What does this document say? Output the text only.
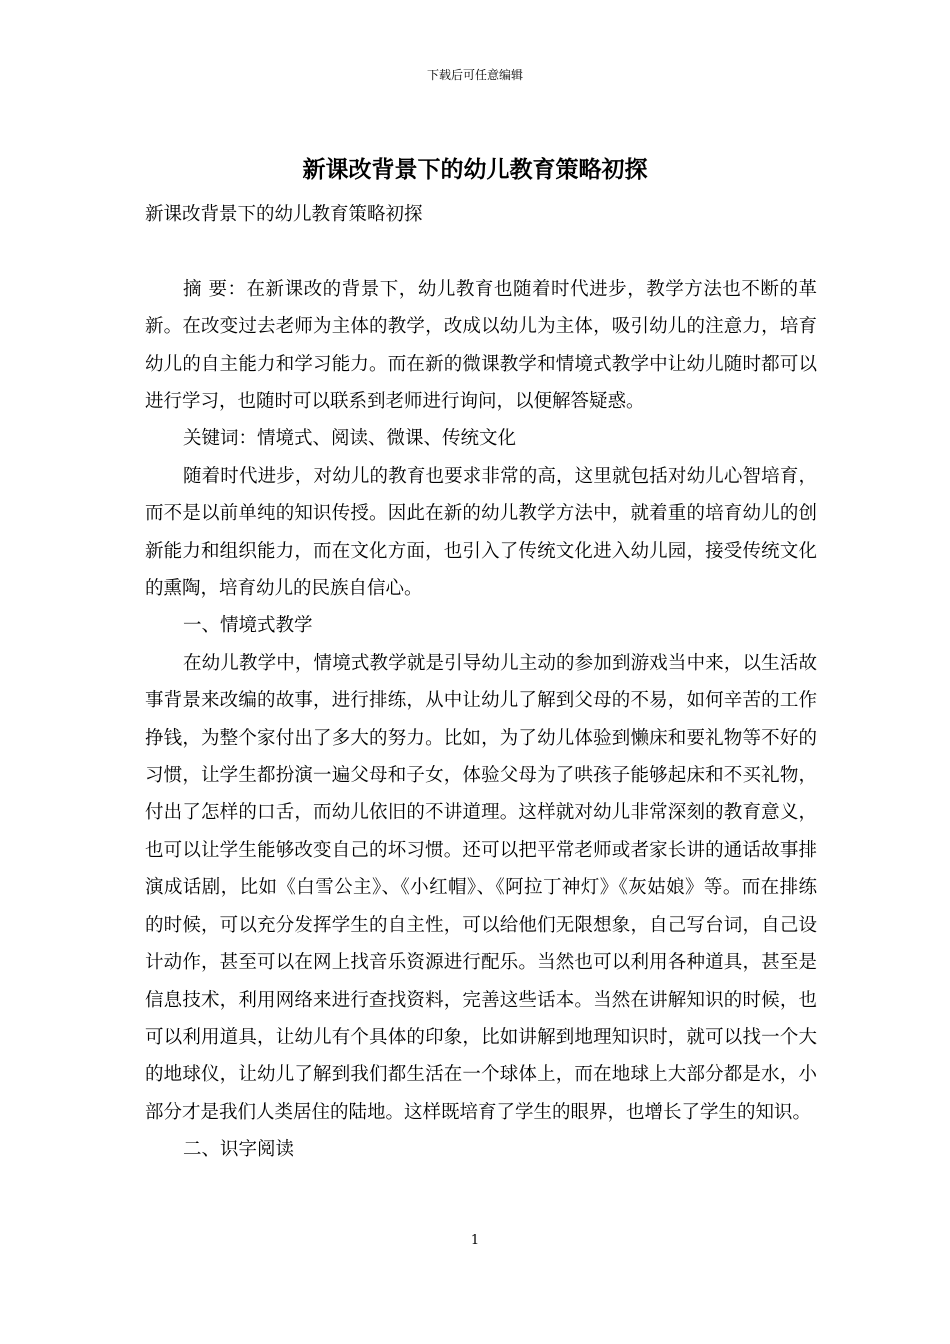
下载后可任意编辑
新课改背景下的幼儿教育策略初探

新课改背景下的幼儿教育策略初探

摘 要：在新课改的背景下，幼儿教育也随着时代进步，教学方法也不断的革新。在改变过去老师为主体的教学，改成以幼儿为主体，吸引幼儿的注意力，培育幼儿的自主能力和学习能力。而在新的微课教学和情境式教学中让幼儿随时都可以进行学习，也随时可以联系到老师进行询问，以便解答疑惑。

关键词：情境式、阅读、微课、传统文化

随着时代进步，对幼儿的教育也要求非常的高，这里就包括对幼儿心智培育，而不是以前单纯的知识传授。因此在新的幼儿教学方法中，就着重的培育幼儿的创新能力和组织能力，而在文化方面，也引入了传统文化进入幼儿园，接受传统文化的熏陶，培育幼儿的民族自信心。

一、情境式教学

在幼儿教学中，情境式教学就是引导幼儿主动的参加到游戏当中来，以生活故事背景来改编的故事，进行排练，从中让幼儿了解到父母的不易，如何辛苦的工作挣钱，为整个家付出了多大的努力。比如，为了幼儿体验到懒床和要礼物等不好的习惯，让学生都扮演一遍父母和子女，体验父母为了哄孩子能够起床和不买礼物，付出了怎样的口舌，而幼儿依旧的不讲道理。这样就对幼儿非常深刻的教育意义，也可以让学生能够改变自己的坏习惯。还可以把平常老师或者家长讲的通话故事排演成话剧，比如《白雪公主》、《小红帽》、《阿拉丁神灯》《灰姑娘》等。而在排练的时候，可以充分发挥学生的自主性，可以给他们无限想象，自己写台词，自己设计动作，甚至可以在网上找音乐资源进行配乐。当然也可以利用各种道具，甚至是信息技术，利用网络来进行查找资料，完善这些话本。当然在讲解知识的时候，也可以利用道具，让幼儿有个具体的印象，比如讲解到地理知识时，就可以找一个大的地球仪，让幼儿了解到我们都生活在一个球体上，而在地球上大部分都是水，小部分才是我们人类居住的陆地。这样既培育了学生的眼界，也增长了学生的知识。

二、识字阅读

1
